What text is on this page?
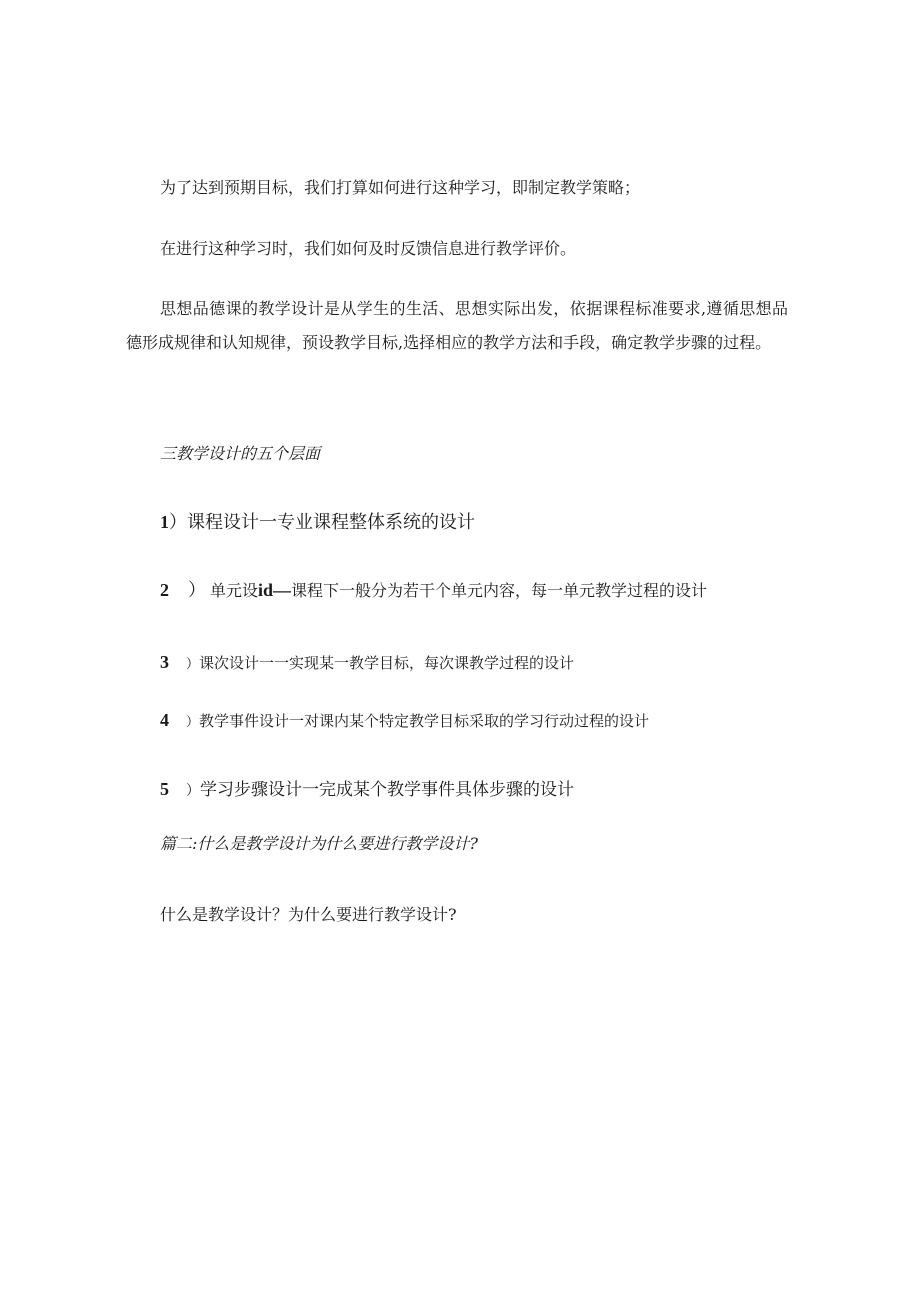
为了达到预期目标，我们打算如何进行这种学习，即制定教学策略；

在进行这种学习时，我们如何及时反馈信息进行教学评价。

思想品德课的教学设计是从学生的生活、思想实际出发，依据课程标准要求,遵循思想品德形成规律和认知规律，预设教学目标,选择相应的教学方法和手段，确定教学步骤的过程。

三教学设计的五个层面

1）课程设计一专业课程整体系统的设计
2 ） 单元设id—课程下一般分为若干个单元内容，每一单元教学过程的设计
3 ）课次设计一一实现某一教学目标，每次课教学过程的设计
4 ）教学事件设计一对课内某个特定教学目标采取的学习行动过程的设计
5 ）学习步骤设计一完成某个教学事件具体步骤的设计

篇二:什么是教学设计为什么要进行教学设计?

什么是教学设计？为什么要进行教学设计?
